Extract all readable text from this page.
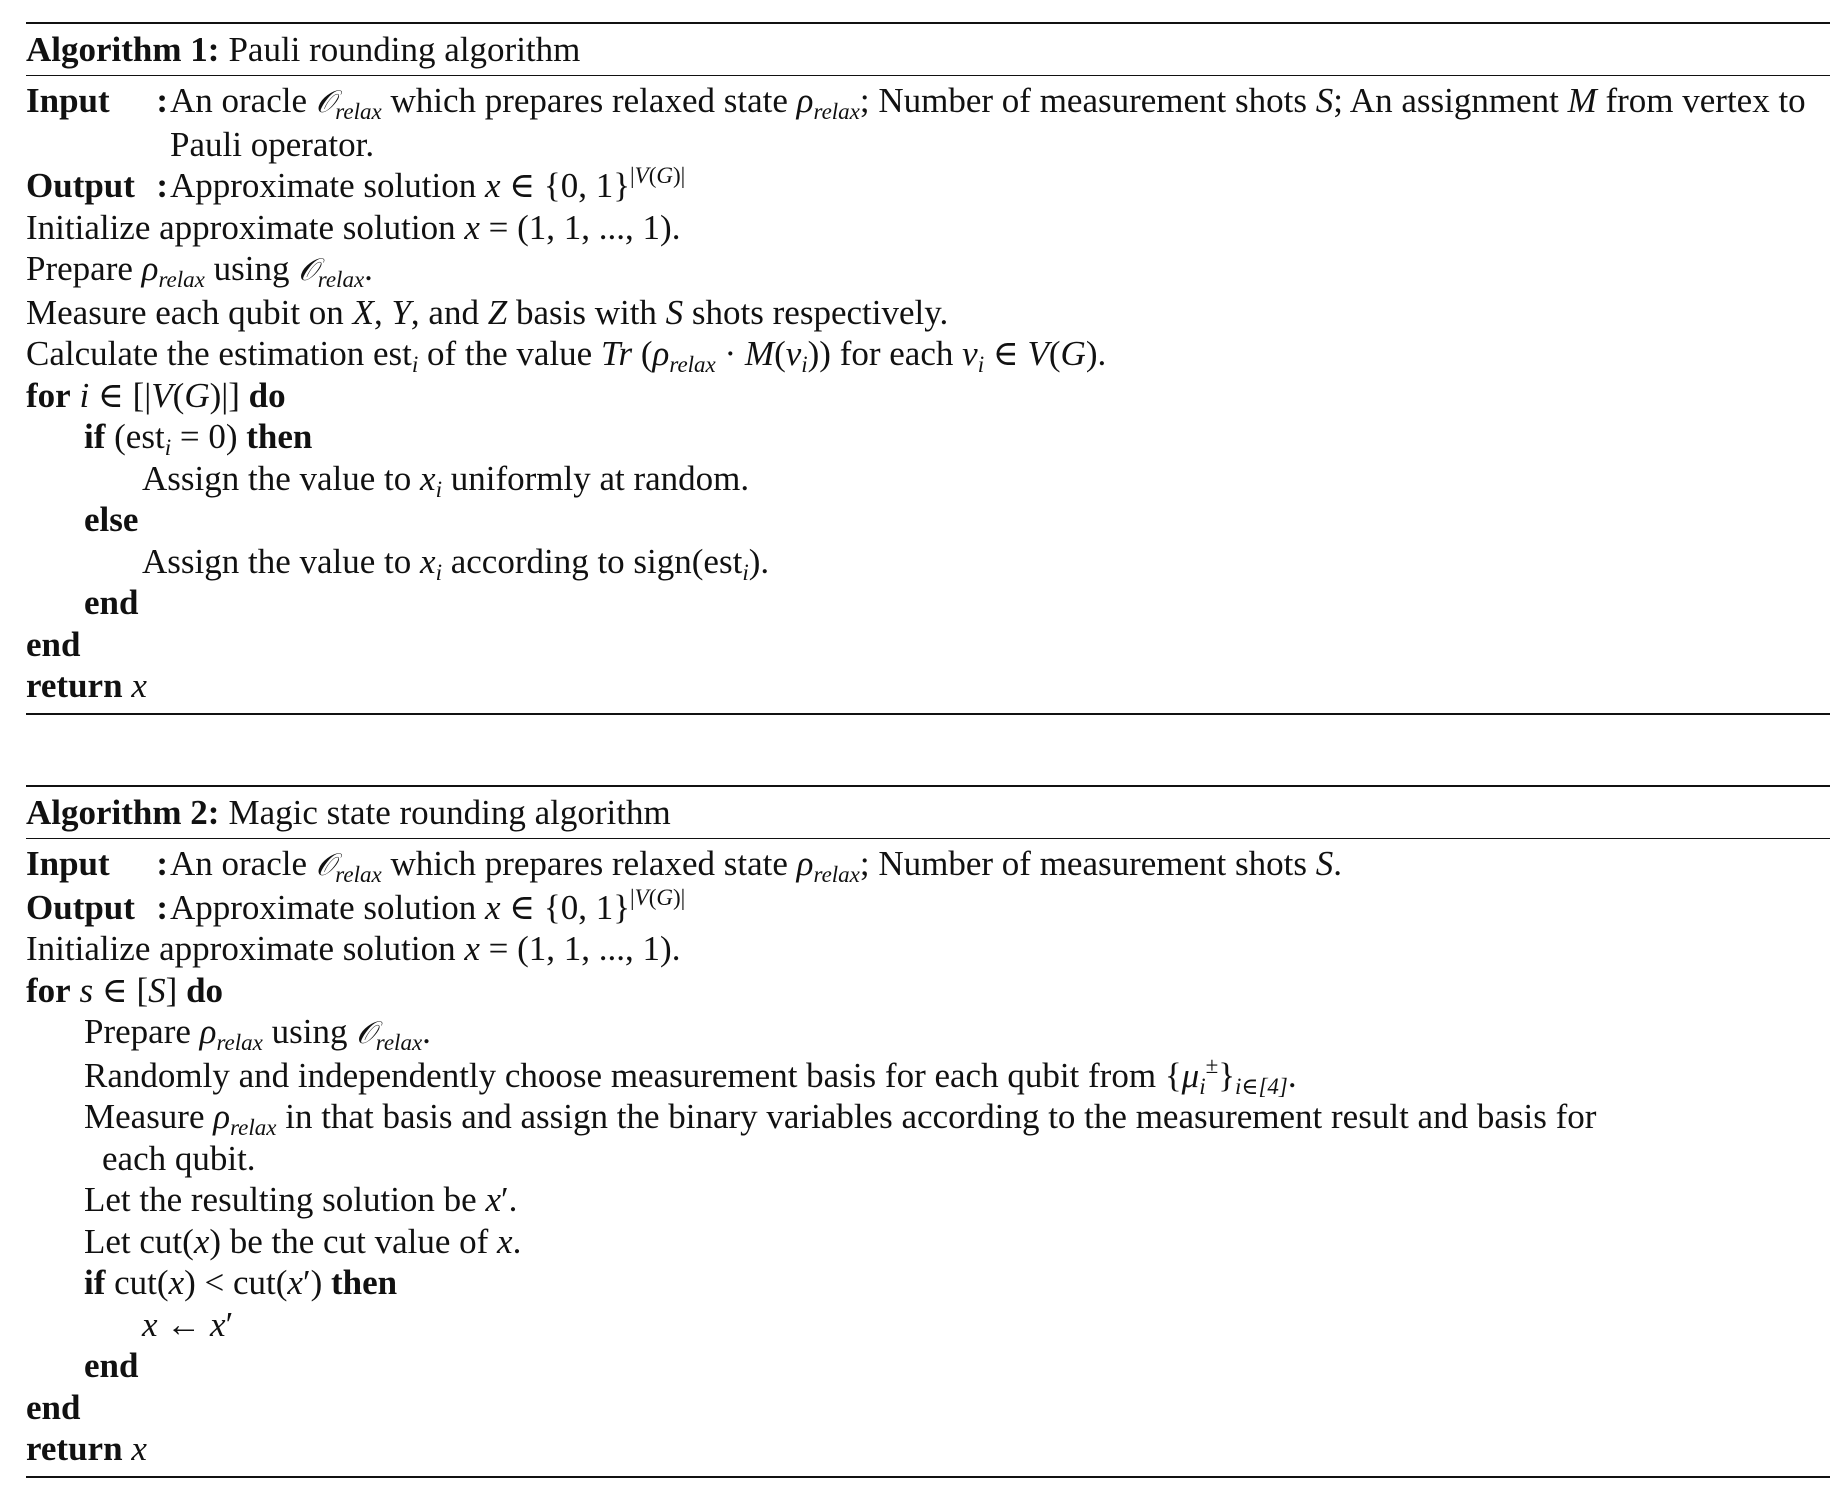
Algorithm 1: Pauli rounding algorithm
Input : An oracle 𝒪$_{relax}$ which prepares relaxed state $\rho_{relax}$; Number of measurement shots S; An assignment M from vertex to Pauli operator.
Output : Approximate solution x ∈ {0, 1}$^{|V(G)|}$
Initialize approximate solution x = (1, 1, ..., 1).
Prepare $\rho_{relax}$ using 𝒪$_{relax}$.
Measure each qubit on X, Y, and Z basis with S shots respectively.
Calculate the estimation est$_i$ of the value Tr $(\rho_{relax} \cdot M(v_i))$ for each $v_i$ ∈ V(G).
for i ∈ [|V(G)|] do
if (est$_i$ = 0) then
Assign the value to $x_i$ uniformly at random.
else
Assign the value to $x_i$ according to sign(est$_i$).
end
end
return x
Algorithm 2: Magic state rounding algorithm
Input : An oracle 𝒪$_{relax}$ which prepares relaxed state $\rho_{relax}$; Number of measurement shots S.
Output : Approximate solution x ∈ {0, 1}$^{|V(G)|}$
Initialize approximate solution x = (1, 1, ..., 1).
for s ∈ [S] do
Prepare $\rho_{relax}$ using 𝒪$_{relax}$.
Randomly and independently choose measurement basis for each qubit from $\{\mu_i^\pm\}_{i\in[4]}$.
Measure $\rho_{relax}$ in that basis and assign the binary variables according to the measurement result and basis for
each qubit.
Let the resulting solution be x′.
Let cut(x) be the cut value of x.
if cut(x) < cut(x′) then
x ← x′
end
end
return x
